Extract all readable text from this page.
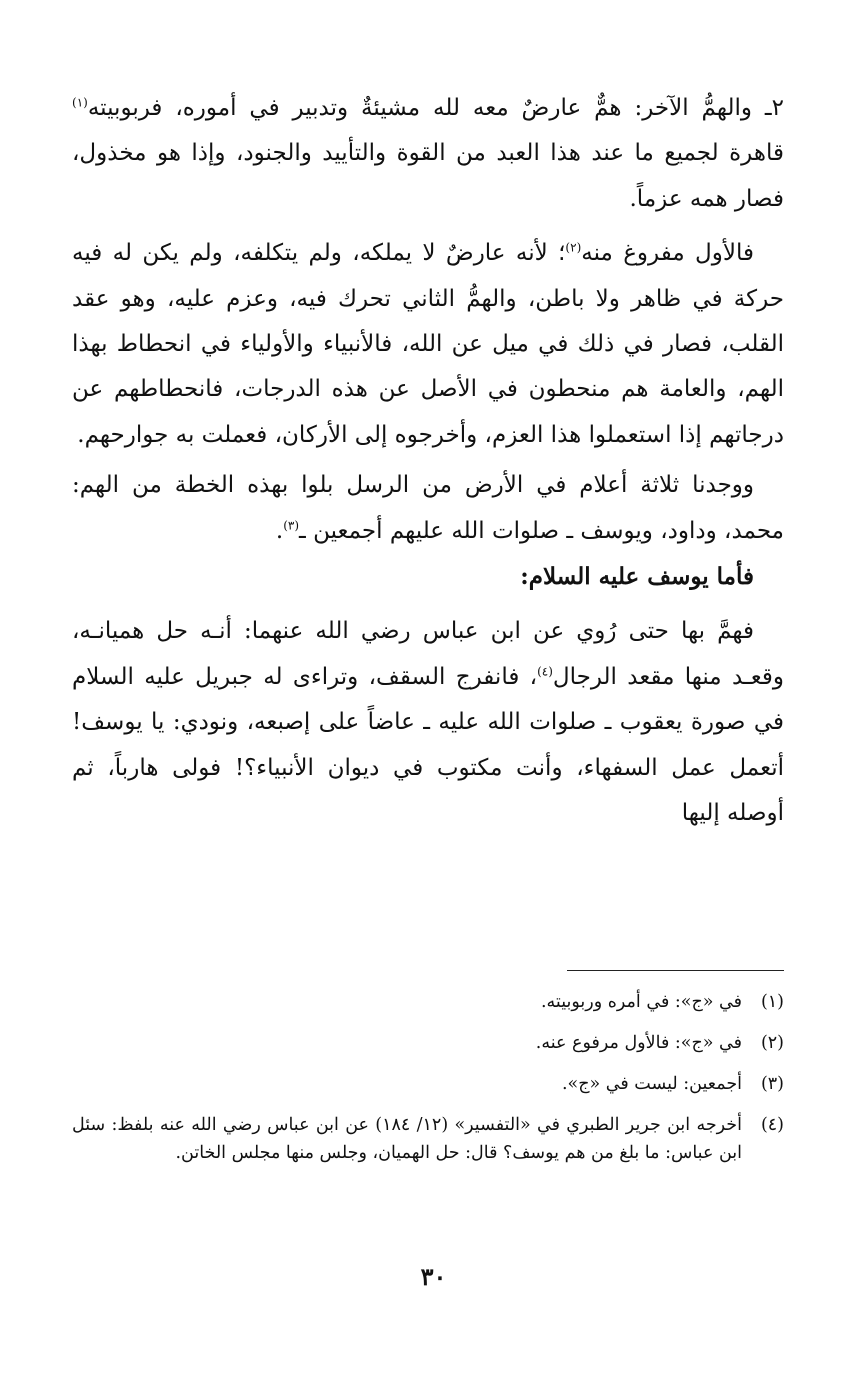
٢ـ والهمُّ الآخر: همٌّ عارضٌ معه لله مشيئةٌ وتدبير في أموره، فربوبيته$^{(١)}$ قاهرة لجميع ما عند هذا العبد من القوة والتأييد والجنود، وإذا هو مخذول، فصار همه عزماً.

فالأول مفروغ منه$^{(٢)}$؛ لأنه عارضٌ لا يملكه، ولم يتكلفه، ولم يكن له فيه حركة في ظاهر ولا باطن، والهمُّ الثاني تحرك فيه، وعزم عليه، وهو عقد القلب، فصار في ذلك في ميل عن الله، فالأنبياء والأولياء في انحطاط بهذا الهم، والعامة هم منحطون في الأصل عن هذه الدرجات، فانحطاطهم عن درجاتهم إذا استعملوا هذا العزم، وأخرجوه إلى الأركان، فعملت به جوارحهم.

ووجدنا ثلاثة أعلام في الأرض من الرسل بلوا بهذه الخطة من الهم: محمد، وداود، ويوسف ـ صلوات الله عليهم أجمعين ـ$^{(٣)}$.

فأما يوسف عليه السلام:

فهمَّ بها حتى رُوي عن ابن عباس رضي الله عنهما: أنـه حل هميانـه، وقعـد منها مقعد الرجال$^{(٤)}$، فانفرج السقف، وتراءى له جبريل عليه السلام في صورة يعقوب ـ صلوات الله عليه ـ عاضاً على إصبعه، ونودي: يا يوسف! أتعمل عمل السفهاء، وأنت مكتوب في ديوان الأنبياء؟! فولى هارباً، ثم أوصله إليها

(١)
في «ج»: في أمره وربوبيته.
(٢)
في «ج»: فالأول مرفوع عنه.
(٣)
أجمعين: ليست في «ج».
(٤)
أخرجه ابن جرير الطبري في «التفسير» (١٢/ ١٨٤) عن ابن عباس رضي الله عنه بلفظ: سئل ابن عباس: ما بلغ من هم يوسف؟ قال: حل الهميان، وجلس منها مجلس الخاتن.
٣٠
